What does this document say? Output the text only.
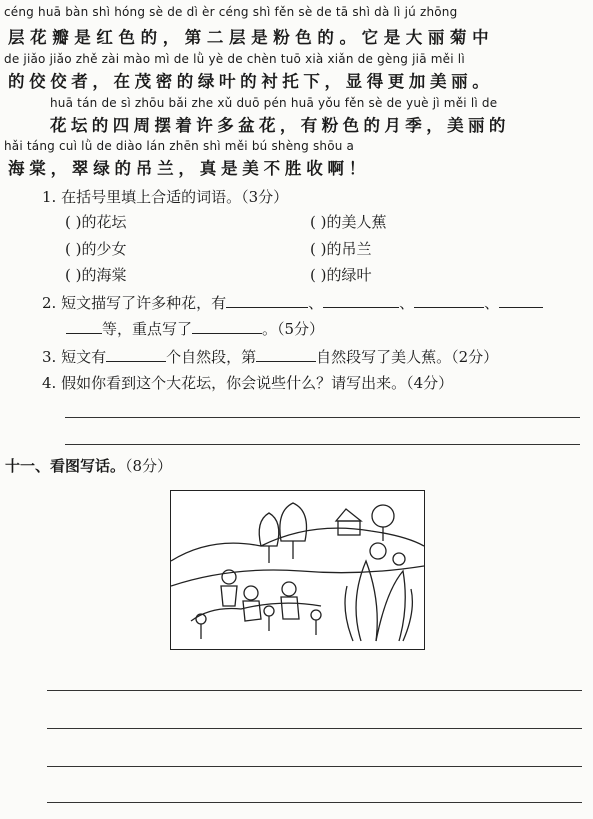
céng huā bàn shì hóng sè de dì èr céng shì fěn sè de tā shì dà lì jú zhōng
层花瓣是红色的，第二层是粉色的。它是大丽菊中
de jiǎo jiǎo zhě zài mào mì de lǜ yè de chèn tuō xià xiǎn de gèng jiā měi lì
的佼佼者，在茂密的绿叶的衬托下，显得更加美丽。
huā tán de sì zhōu bǎi zhe xǔ duō pén huā yǒu fěn sè de yuè jì měi lì de
花坛的四周摆着许多盆花，有粉色的月季，美丽的
hǎi táng cuì lǜ de diào lán zhēn shì měi bú shèng shōu a
海棠，翠绿的吊兰，真是美不胜收啊！
1. 在括号里填上合适的词语。（3分）
( )的花坛	( )的美人蕉
( )的少女	( )的吊兰
( )的海棠	( )的绿叶
2. 短文描写了许多种花，有	、	、	、
等，重点写了	。（5分）
3. 短文有	个自然段，第	自然段写了美人蕉。（2分）
4. 假如你看到这个大花坛，你会说些什么？请写出来。（4分）
十一、看图写话。（8分）
